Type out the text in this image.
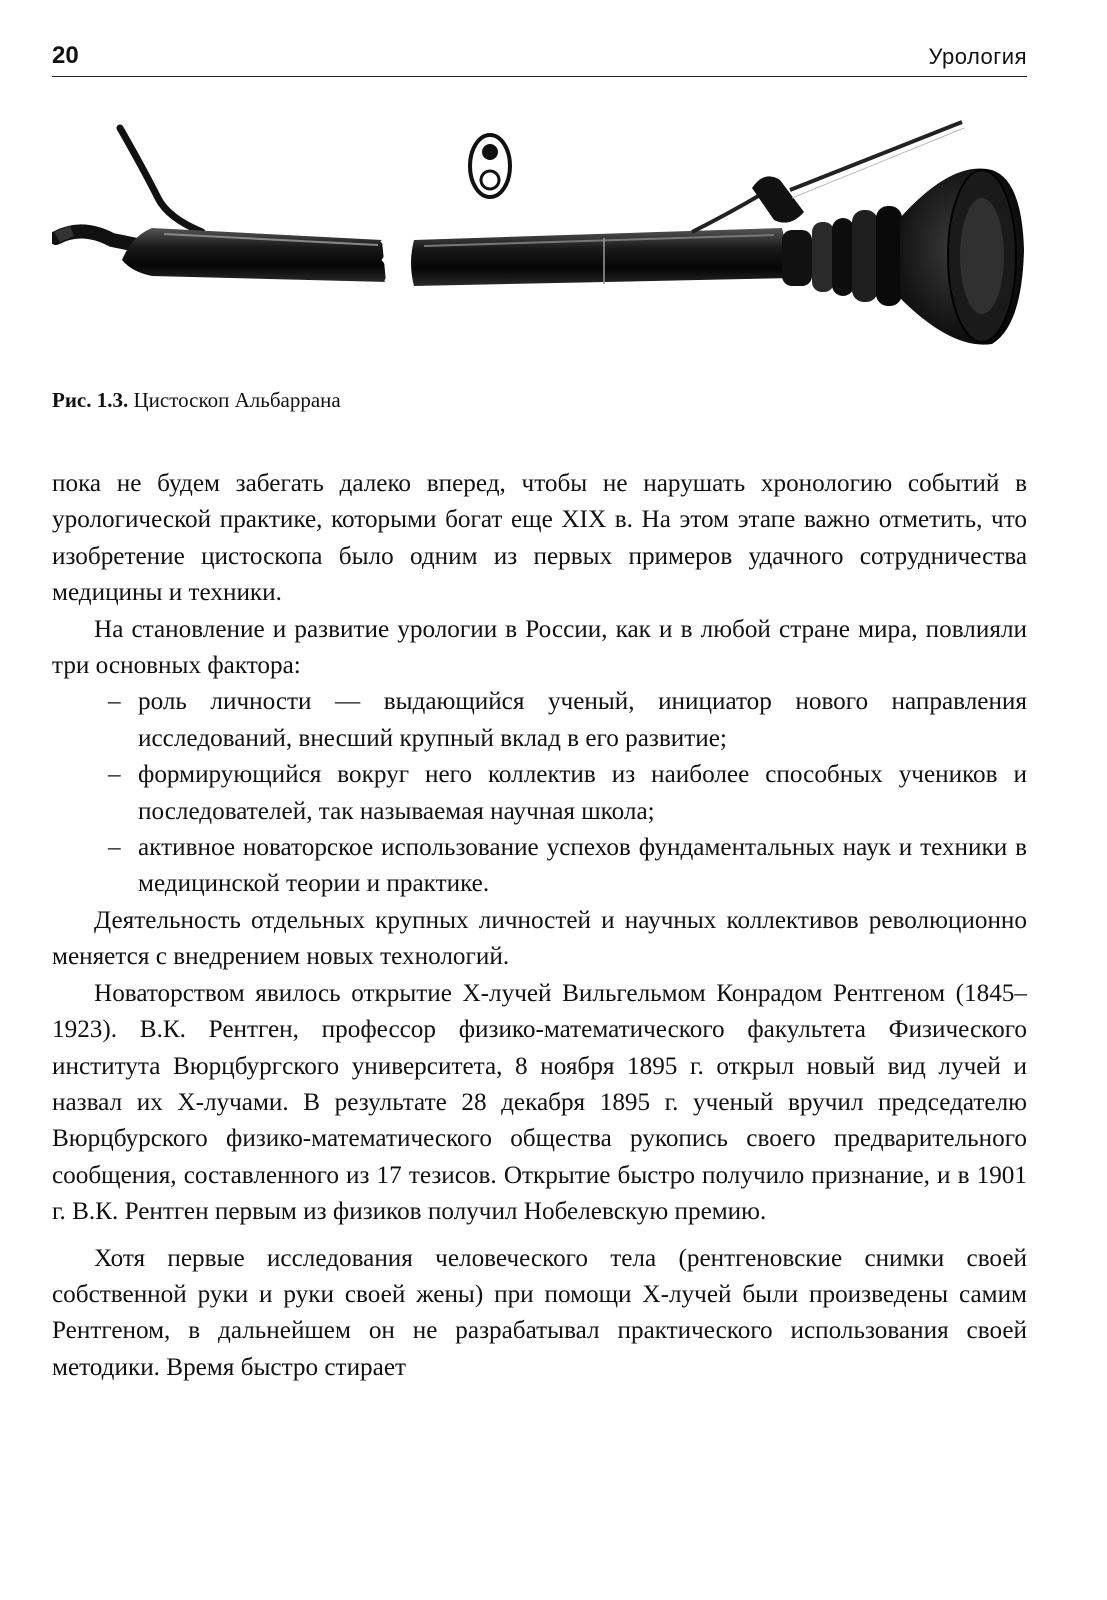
20	Урология
Рис. 1.3. Цистоскоп Альбаррана

пока не будем забегать далеко вперед, чтобы не нарушать хронологию событий в урологической практике, которыми богат еще XIX в. На этом этапе важно отметить, что изобретение цистоскопа было одним из первых примеров удачного сотрудничества медицины и техники.

На становление и развитие урологии в России, как и в любой стране мира, повлияли три основных фактора:

– роль личности — выдающийся ученый, инициатор нового направления исследований, внесший крупный вклад в его развитие;
– формирующийся вокруг него коллектив из наиболее способных учеников и последователей, так называемая научная школа;
– активное новаторское использование успехов фундаментальных наук и техники в медицинской теории и практике.

Деятельность отдельных крупных личностей и научных коллективов революционно меняется с внедрением новых технологий.

Новаторством явилось открытие Х-лучей Вильгельмом Конрадом Рентгеном (1845–1923). В.К. Рентген, профессор физико-математического факультета Физического института Вюрцбургского университета, 8 ноября 1895 г. открыл новый вид лучей и назвал их Х-лучами. В результате 28 декабря 1895 г. ученый вручил председателю Вюрцбурского физико-математического общества рукопись своего предварительного сообщения, составленного из 17 тезисов. Открытие быстро получило признание, и в 1901 г. В.К. Рентген первым из физиков получил Нобелевскую премию.

Хотя первые исследования человеческого тела (рентгеновские снимки своей собственной руки и руки своей жены) при помощи Х-лучей были произведены самим Рентгеном, в дальнейшем он не разрабатывал практического использования своей методики. Время быстро стирает
